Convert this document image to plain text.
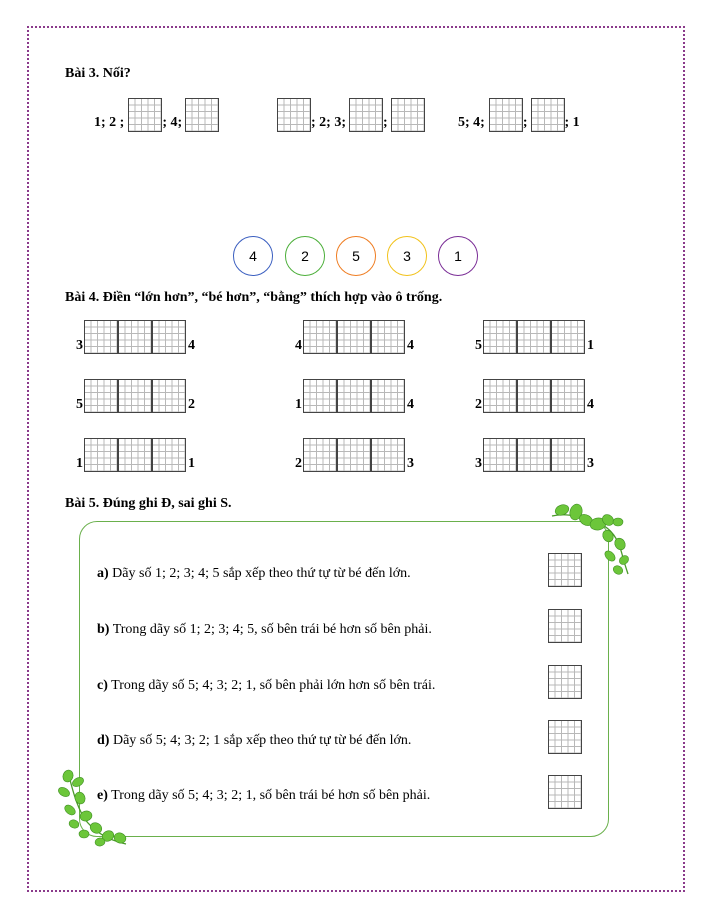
Bài 3. Nối?
1; 2 ;	; 4;	; 2; 3;	;	5; 4;	;	; 1
4	2	5	3	1
Bài 4. Điền “lớn hơn”, “bé hơn”, “bằng” thích hợp vào ô trống.
3	4	4	4	5	1
5	2	1	4	2	4
1	1	2	3	3	3
Bài 5. Đúng ghi Đ, sai ghi S.
a) Dãy số 1; 2; 3; 4; 5 sắp xếp theo thứ tự từ bé đến lớn.
b) Trong dãy số 1; 2; 3; 4; 5, số bên trái bé hơn số bên phải.
c) Trong dãy số 5; 4; 3; 2; 1, số bên phải lớn hơn số bên trái.
d) Dãy số 5; 4; 3; 2; 1 sắp xếp theo thứ tự từ bé đến lớn.
e) Trong dãy số 5; 4; 3; 2; 1, số bên trái bé hơn số bên phải.
